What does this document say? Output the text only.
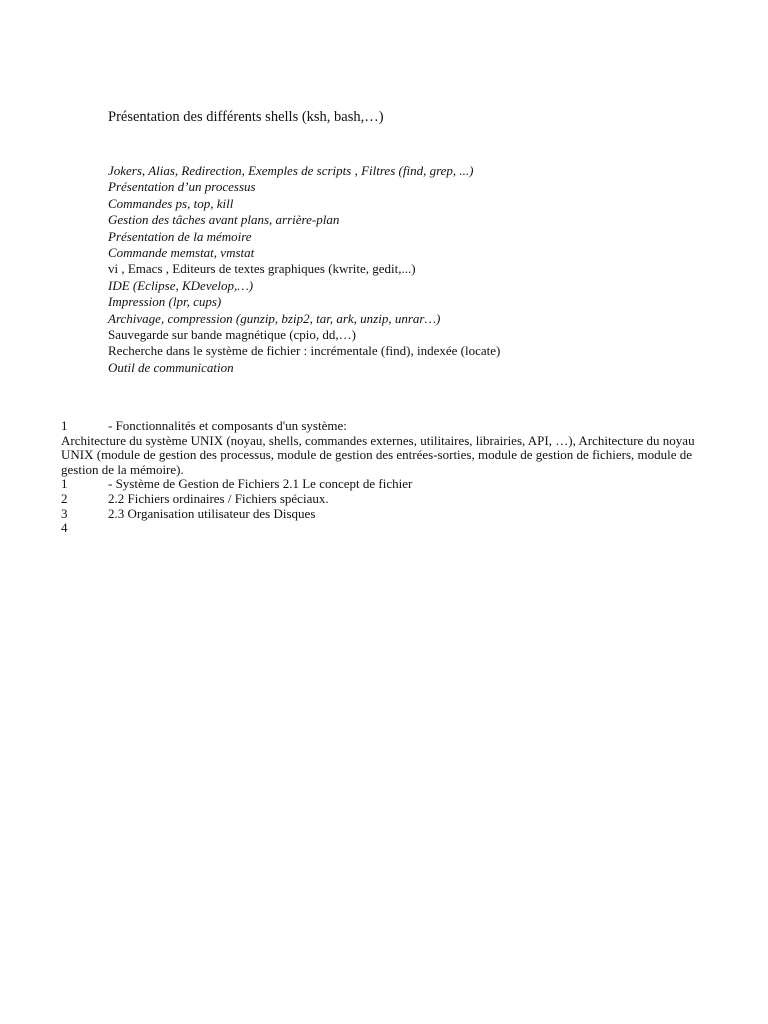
Présentation des différents shells (ksh, bash,…)
Jokers, Alias, Redirection, Exemples de scripts , Filtres (find, grep, ...)
Présentation d’un processus
Commandes ps, top, kill
Gestion des tâches avant plans, arrière-plan
Présentation de la mémoire
Commande memstat, vmstat
vi , Emacs , Editeurs de textes graphiques (kwrite, gedit,...)
IDE (Eclipse, KDevelop,…)
Impression (lpr, cups)
Archivage, compression (gunzip, bzip2, tar, ark, unzip, unrar…)
Sauvegarde sur bande magnétique (cpio, dd,…)
Recherche dans le système de fichier : incrémentale (find), indexée (locate)
Outil de communication
1	- Fonctionnalités et composants d'un système:
Architecture du système UNIX (noyau, shells, commandes externes, utilitaires, librairies, API, …), Architecture du noyau UNIX (module de gestion des processus, module de gestion des entrées-sorties, module de gestion de fichiers, module de gestion de la mémoire).
1	- Système de Gestion de Fichiers 2.1 Le concept de fichier
2	2.2 Fichiers ordinaires / Fichiers spéciaux.
3	2.3 Organisation utilisateur des Disques
4
